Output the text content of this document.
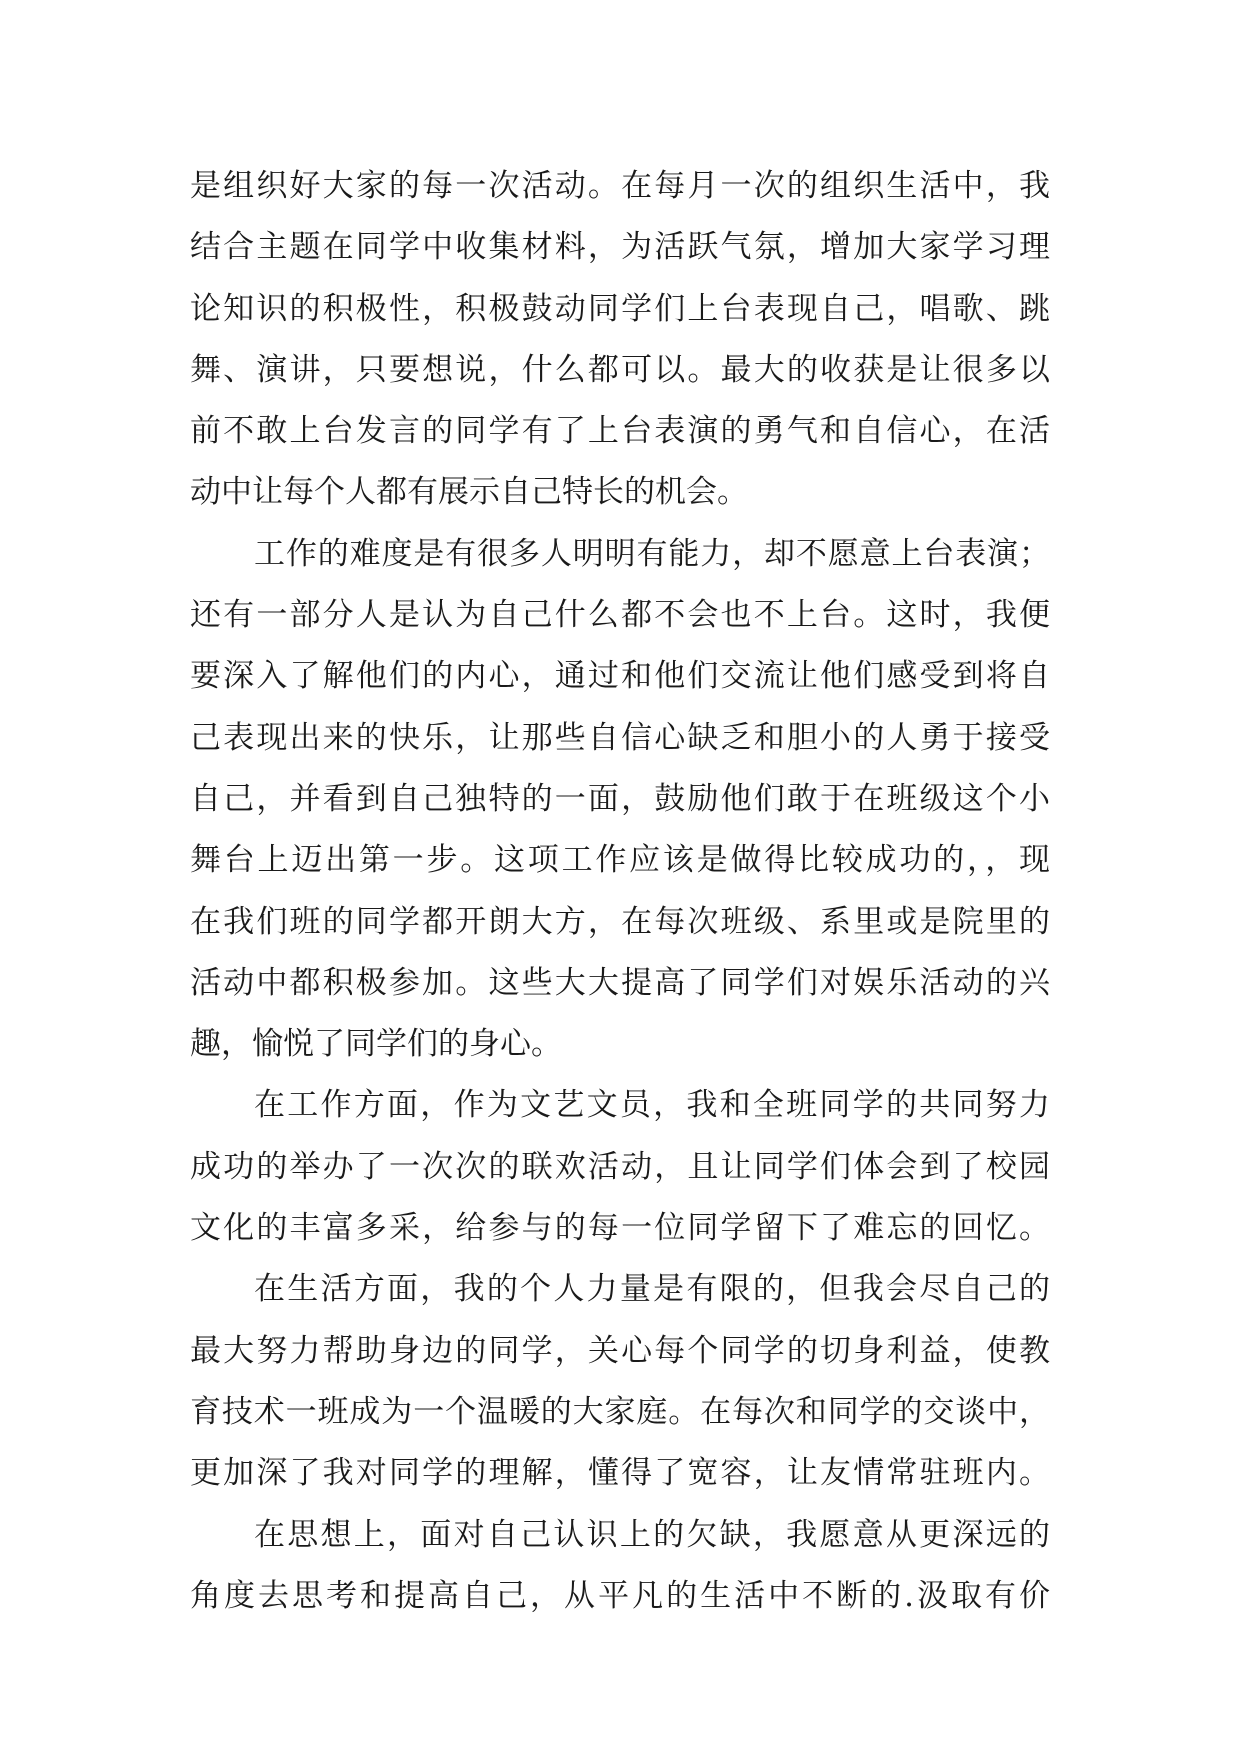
是组织好大家的每一次活动。在每月一次的组织生活中，我
结合主题在同学中收集材料，为活跃气氛，增加大家学习理
论知识的积极性，积极鼓动同学们上台表现自己，唱歌、跳
舞、演讲，只要想说，什么都可以。最大的收获是让很多以
前不敢上台发言的同学有了上台表演的勇气和自信心，在活
动中让每个人都有展示自己特长的机会。
工作的难度是有很多人明明有能力，却不愿意上台表演；
还有一部分人是认为自己什么都不会也不上台。这时，我便
要深入了解他们的内心，通过和他们交流让他们感受到将自
己表现出来的快乐，让那些自信心缺乏和胆小的人勇于接受
自己，并看到自己独特的一面，鼓励他们敢于在班级这个小
舞台上迈出第一步。这项工作应该是做得比较成功的，，现
在我们班的同学都开朗大方，在每次班级、系里或是院里的
活动中都积极参加。这些大大提高了同学们对娱乐活动的兴
趣，愉悦了同学们的身心。
在工作方面，作为文艺文员，我和全班同学的共同努力
成功的举办了一次次的联欢活动，且让同学们体会到了校园
文化的丰富多采，给参与的每一位同学留下了难忘的回忆。
在生活方面，我的个人力量是有限的，但我会尽自己的
最大努力帮助身边的同学，关心每个同学的切身利益，使教
育技术一班成为一个温暖的大家庭。在每次和同学的交谈中，
更加深了我对同学的理解，懂得了宽容，让友情常驻班内。
在思想上，面对自己认识上的欠缺，我愿意从更深远的
角度去思考和提高自己，从平凡的生活中不断的.汲取有价
